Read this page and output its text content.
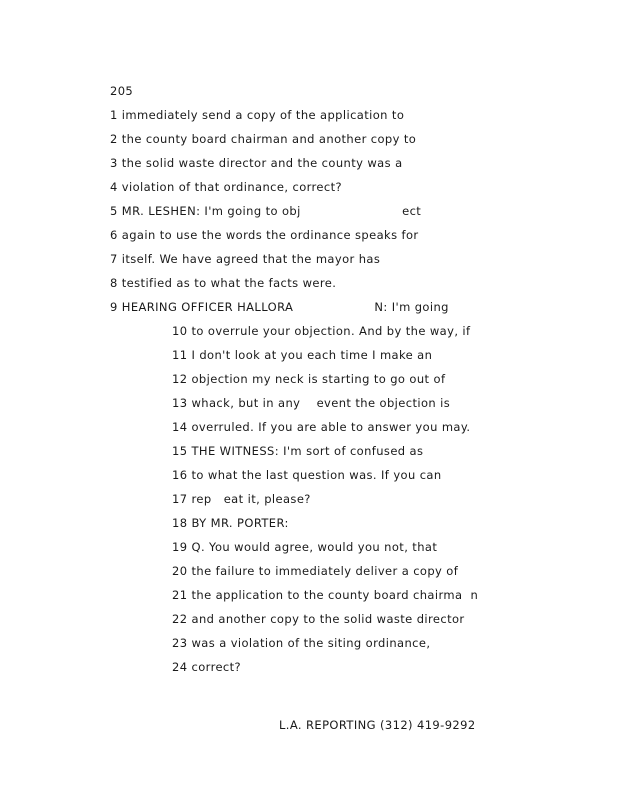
205
1 immediately send a copy of the application to
2 the county board chairman and another copy to
3 the solid waste director and the county was a
4 violation of that ordinance, correct?
5 MR. LESHEN: I'm going to obj                         ect
6 again to use the words the ordinance speaks for
7 itself. We have agreed that the mayor has
8 testified as to what the facts were.
9 HEARING OFFICER HALLORA                    N: I'm going
10 to overrule your objection. And by the way, if
11 I don't look at you each time I make an
12 objection my neck is starting to go out of
13 whack, but in any    event the objection is
14 overruled. If you are able to answer you may.
15 THE WITNESS: I'm sort of confused as
16 to what the last question was. If you can
17 rep   eat it, please?
18 BY MR. PORTER:
19 Q. You would agree, would you not, that
20 the failure to immediately deliver a copy of
21 the application to the county board chairma  n
22 and another copy to the solid waste director
23 was a violation of the siting ordinance,
24 correct?
L.A. REPORTING (312) 419-9292
